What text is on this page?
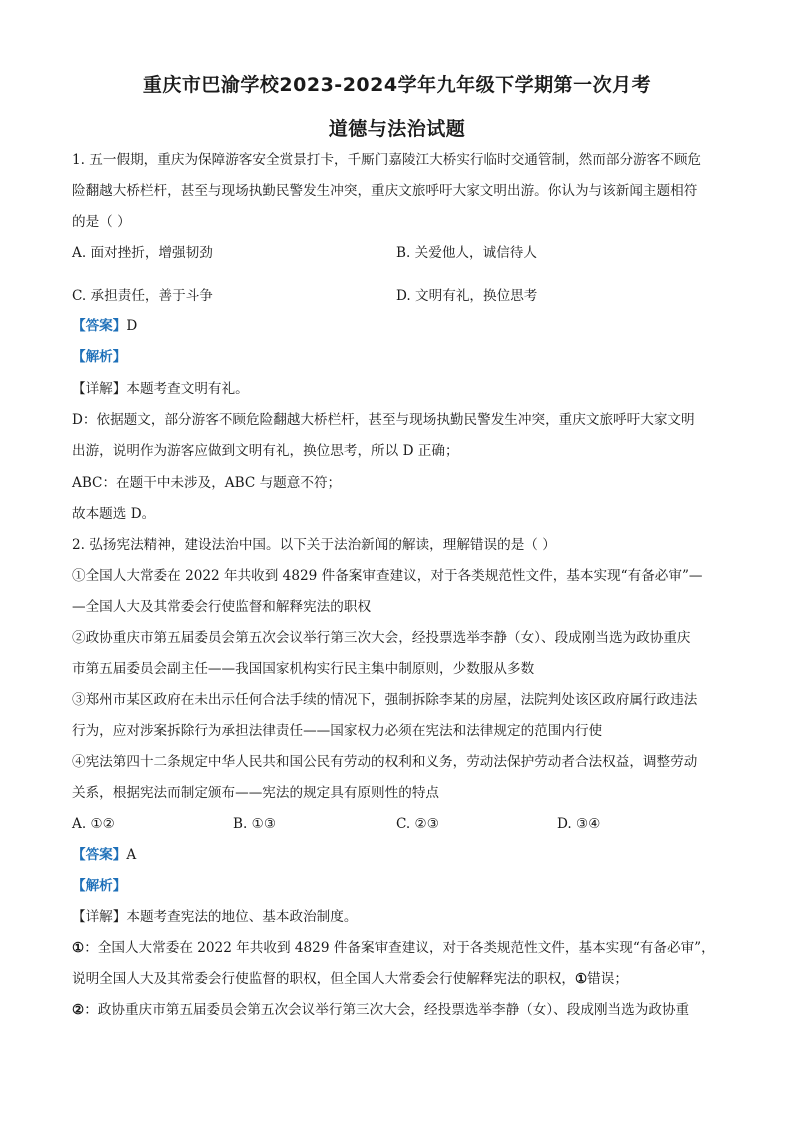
重庆市巴渝学校2023-2024学年九年级下学期第一次月考
道德与法治试题
1. 五一假期，重庆为保障游客安全赏景打卡，千厮门嘉陵江大桥实行临时交通管制，然而部分游客不顾危
险翻越大桥栏杆，甚至与现场执勤民警发生冲突，重庆文旅呼吁大家文明出游。你认为与该新闻主题相符
的是（ ）
A. 面对挫折，增强韧劲	B. 关爱他人，诚信待人
C. 承担责任，善于斗争	D. 文明有礼，换位思考
【答案】D
【解析】
【详解】本题考查文明有礼。
D：依据题文，部分游客不顾危险翻越大桥栏杆，甚至与现场执勤民警发生冲突，重庆文旅呼吁大家文明
出游，说明作为游客应做到文明有礼，换位思考，所以 D 正确；
ABC：在题干中未涉及，ABC 与题意不符；
故本题选 D。
2. 弘扬宪法精神，建设法治中国。以下关于法治新闻的解读，理解错误的是（ ）
①全国人大常委在 2022 年共收到 4829 件备案审查建议，对于各类规范性文件，基本实现“有备必审”—
—全国人大及其常委会行使监督和解释宪法的职权
②政协重庆市第五届委员会第五次会议举行第三次大会，经投票选举李静（女）、段成刚当选为政协重庆
市第五届委员会副主任——我国国家机构实行民主集中制原则，少数服从多数
③郑州市某区政府在未出示任何合法手续的情况下，强制拆除李某的房屋，法院判处该区政府属行政违法
行为，应对涉案拆除行为承担法律责任——国家权力必须在宪法和法律规定的范围内行使
④宪法第四十二条规定中华人民共和国公民有劳动的权利和义务，劳动法保护劳动者合法权益，调整劳动
关系，根据宪法而制定颁布——宪法的规定具有原则性的特点
A. ①②	B. ①③	C. ②③	D. ③④
【答案】A
【解析】
【详解】本题考查宪法的地位、基本政治制度。
①：全国人大常委在 2022 年共收到 4829 件备案审查建议，对于各类规范性文件，基本实现“有备必审”，
说明全国人大及其常委会行使监督的职权，但全国人大常委会行使解释宪法的职权，①错误；
②：政协重庆市第五届委员会第五次会议举行第三次大会，经投票选举李静（女）、段成刚当选为政协重
